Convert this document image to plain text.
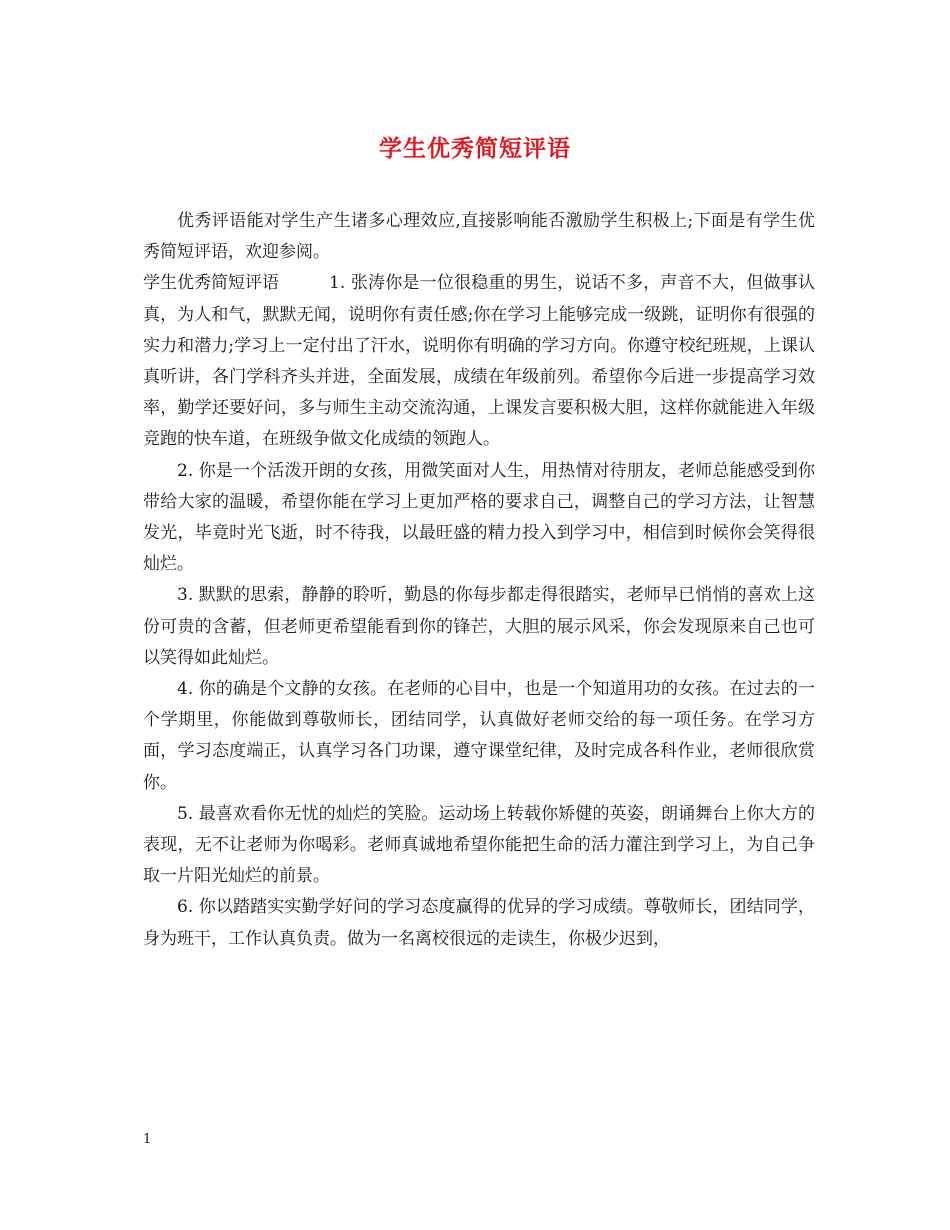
学生优秀简短评语

优秀评语能对学生产生诸多心理效应,直接影响能否激励学生积极上;下面是有学生优秀简短评语，欢迎参阅。

学生优秀简短评语	1. 张涛你是一位很稳重的男生，说话不多，声音不大，但做事认真，为人和气，默默无闻，说明你有责任感;你在学习上能够完成一级跳，证明你有很强的实力和潜力;学习上一定付出了汗水，说明你有明确的学习方向。你遵守校纪班规，上课认真听讲，各门学科齐头并进，全面发展，成绩在年级前列。希望你今后进一步提高学习效率，勤学还要好问，多与师生主动交流沟通，上课发言要积极大胆，这样你就能进入年级竞跑的快车道，在班级争做文化成绩的领跑人。

2. 你是一个活泼开朗的女孩，用微笑面对人生，用热情对待朋友，老师总能感受到你带给大家的温暖，希望你能在学习上更加严格的要求自己，调整自己的学习方法，让智慧发光，毕竟时光飞逝，时不待我，以最旺盛的精力投入到学习中，相信到时候你会笑得很灿烂。

3. 默默的思索，静静的聆听，勤恳的你每步都走得很踏实，老师早已悄悄的喜欢上这份可贵的含蓄，但老师更希望能看到你的锋芒，大胆的展示风采，你会发现原来自己也可以笑得如此灿烂。

4. 你的确是个文静的女孩。在老师的心目中，也是一个知道用功的女孩。在过去的一个学期里，你能做到尊敬师长，团结同学，认真做好老师交给的每一项任务。在学习方面，学习态度端正，认真学习各门功课，遵守课堂纪律，及时完成各科作业，老师很欣赏你。

5. 最喜欢看你无忧的灿烂的笑脸。运动场上转载你矫健的英姿，朗诵舞台上你大方的表现，无不让老师为你喝彩。老师真诚地希望你能把生命的活力灌注到学习上，为自己争取一片阳光灿烂的前景。

6. 你以踏踏实实勤学好问的学习态度赢得的优异的学习成绩。尊敬师长，团结同学，身为班干，工作认真负责。做为一名离校很远的走读生，你极少迟到，

1
